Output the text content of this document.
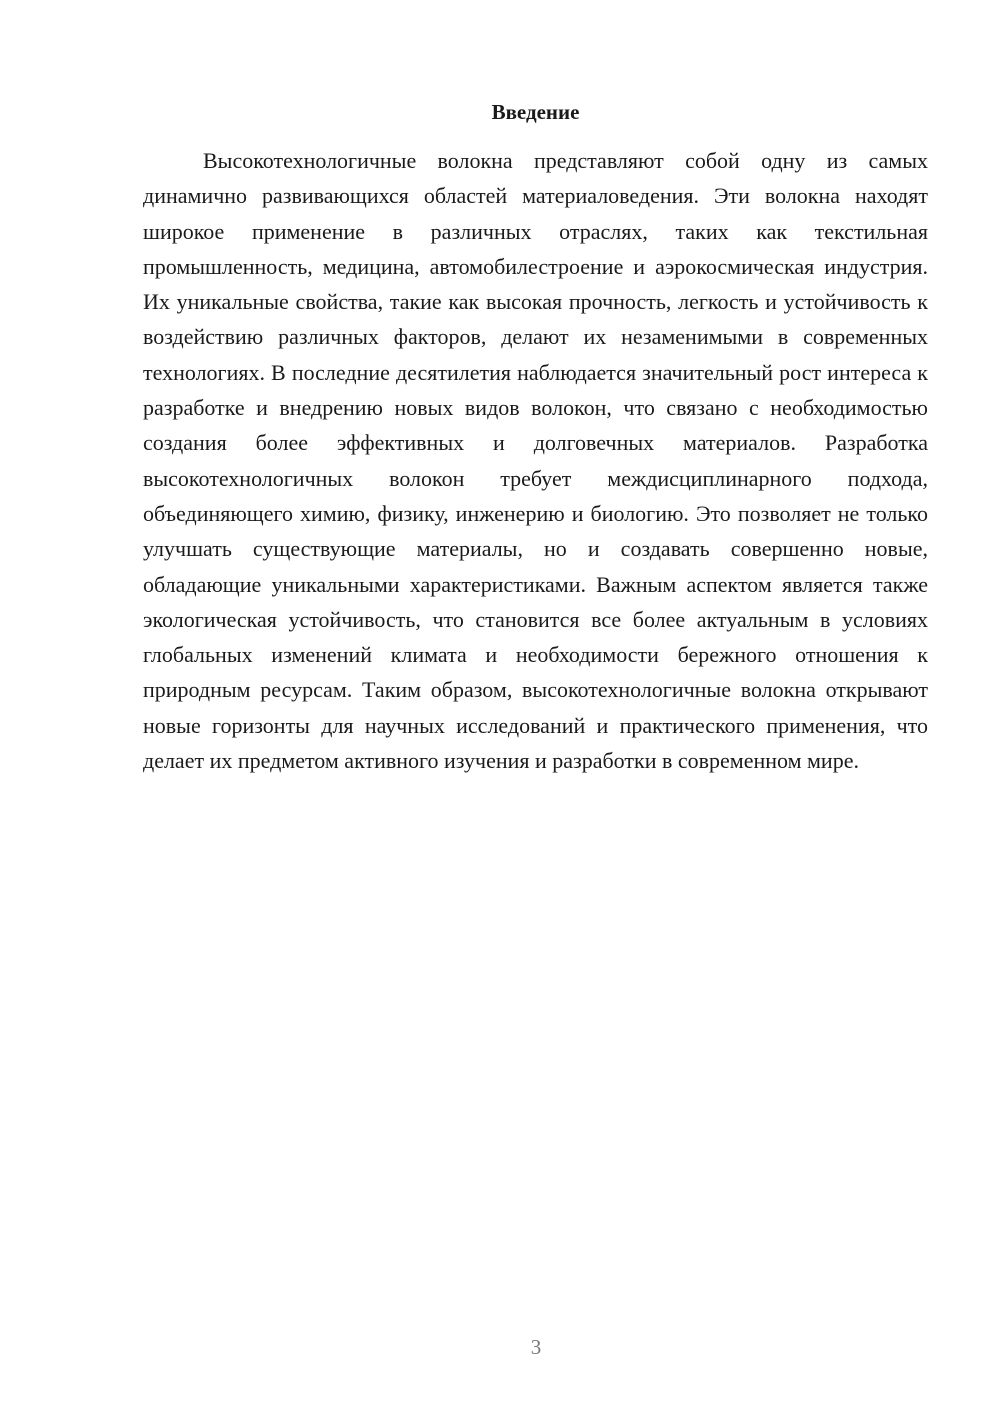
Введение

Высокотехнологичные волокна представляют собой одну из самых динамично развивающихся областей материаловедения. Эти волокна находят широкое применение в различных отраслях, таких как текстильная промышленность, медицина, автомобилестроение и аэрокосмическая индустрия. Их уникальные свойства, такие как высокая прочность, легкость и устойчивость к воздействию различных факторов, делают их незаменимыми в современных технологиях. В последние десятилетия наблюдается значительный рост интереса к разработке и внедрению новых видов волокон, что связано с необходимостью создания более эффективных и долговечных материалов. Разработка высокотехнологичных волокон требует междисциплинарного подхода, объединяющего химию, физику, инженерию и биологию. Это позволяет не только улучшать существующие материалы, но и создавать совершенно новые, обладающие уникальными характеристиками. Важным аспектом является также экологическая устойчивость, что становится все более актуальным в условиях глобальных изменений климата и необходимости бережного отношения к природным ресурсам. Таким образом, высокотехнологичные волокна открывают новые горизонты для научных исследований и практического применения, что делает их предметом активного изучения и разработки в современном мире.

3
